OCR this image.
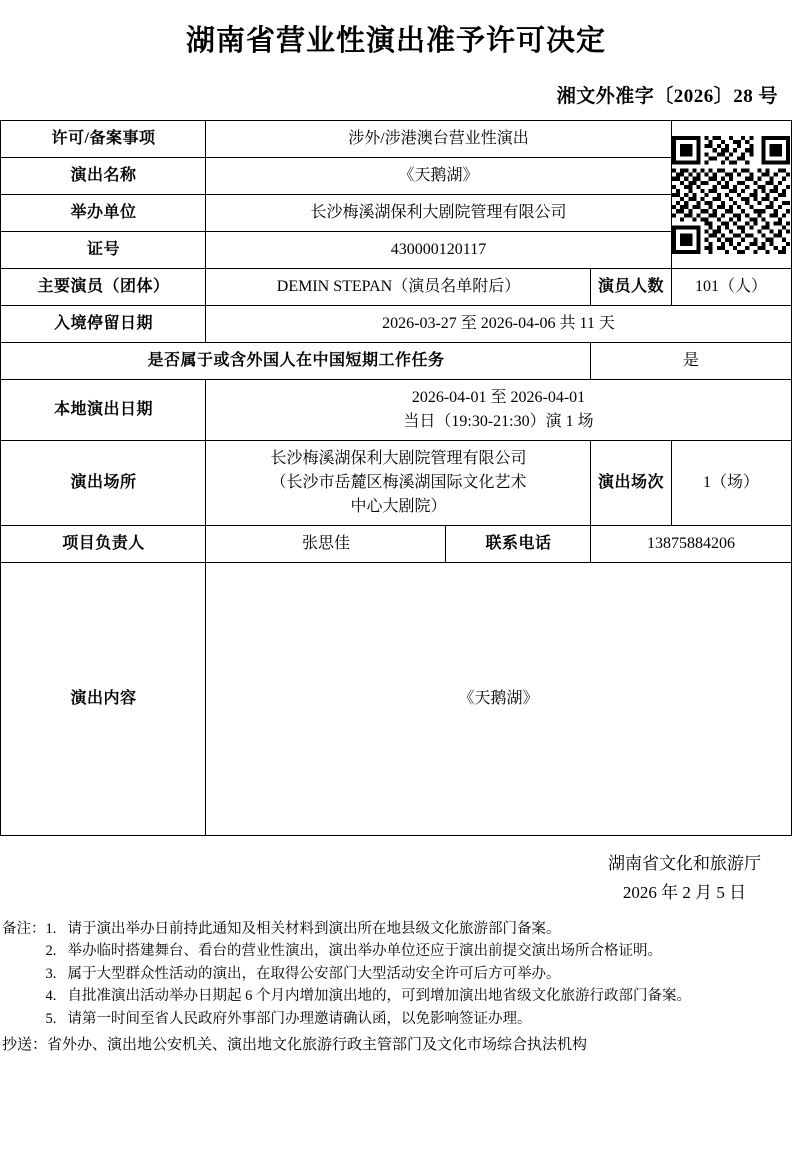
湖南省营业性演出准予许可决定
湘文外准字〔2026〕28 号
许可/备案事项	涉外/涉港澳台营业性演出	

演出名称	《天鹅湖》			
举办单位	长沙梅溪湖保利大剧院管理有限公司			
证号	430000120117			
主要演员（团体）	DEMIN STEPAN（演员名单附后）		演员人数	101（人）
入境停留日期	2026-03-27 至 2026-04-06 共 11 天			
是否属于或含外国人在中国短期工作任务			是	
本地演出日期	2026-04-01 至 2026-04-01
当日（19:30-21:30）演 1 场			

演出场所	长沙梅溪湖保利大剧院管理有限公司
（长沙市岳麓区梅溪湖国际文化艺术
中心大剧院）		演出场次	1（场）
项目负责人	张思佳	联系电话	13875884206	
演出内容	《天鹅湖》			
湖南省文化和旅游厅
2026 年 2 月 5 日
备注： 1. 请于演出举办日前持此通知及相关材料到演出所在地县级文化旅游部门备案。
2. 举办临时搭建舞台、看台的营业性演出，演出举办单位还应于演出前提交演出场所合格证明。
3. 属于大型群众性活动的演出，在取得公安部门大型活动安全许可后方可举办。
4. 自批准演出活动举办日期起 6 个月内增加演出地的，可到增加演出地省级文化旅游行政部门备案。
5. 请第一时间至省人民政府外事部门办理邀请确认函，以免影响签证办理。
抄送： 省外办、演出地公安机关、演出地文化旅游行政主管部门及文化市场综合执法机构
